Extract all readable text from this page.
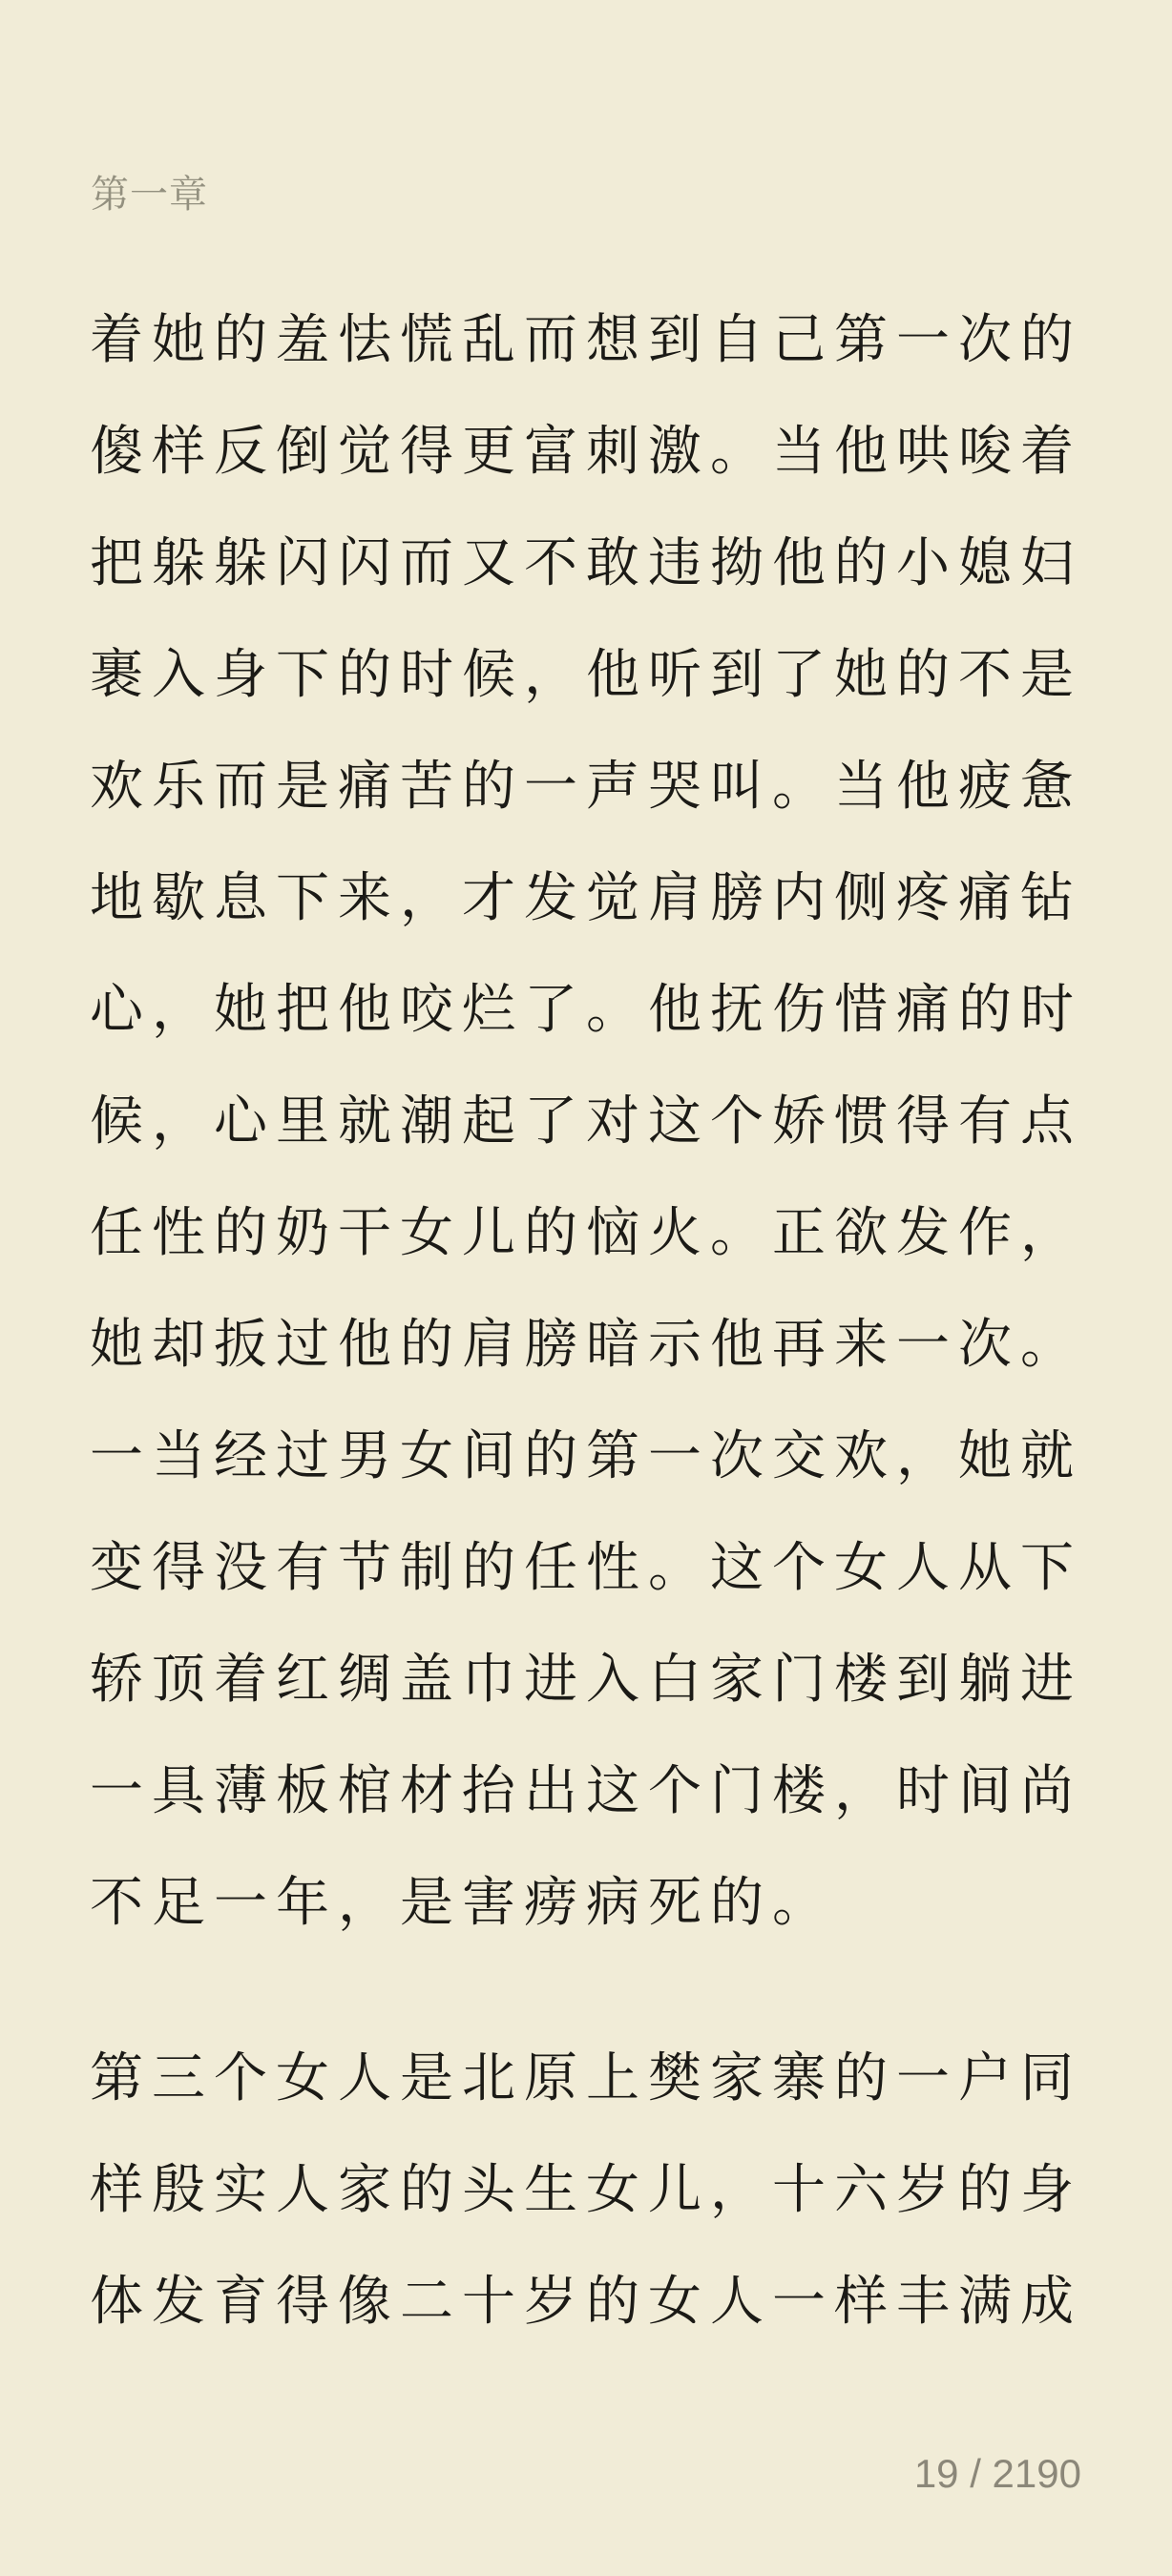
第一章
着她的羞怯慌乱而想到自己第一次的
傻样反倒觉得更富刺激。当他哄唆着
把躲躲闪闪而又不敢违拗他的小媳妇
裹入身下的时候，他听到了她的不是
欢乐而是痛苦的一声哭叫。当他疲惫
地歇息下来，才发觉肩膀内侧疼痛钻
心，她把他咬烂了。他抚伤惜痛的时
候，心里就潮起了对这个娇惯得有点
任性的奶干女儿的恼火。正欲发作，
她却扳过他的肩膀暗示他再来一次。
一当经过男女间的第一次交欢，她就
变得没有节制的任性。这个女人从下
轿顶着红绸盖巾进入白家门楼到躺进
一具薄板棺材抬出这个门楼，时间尚
不足一年，是害痨病死的。
第三个女人是北原上樊家寨的一户同
样殷实人家的头生女儿，十六岁的身
体发育得像二十岁的女人一样丰满成
19 / 2190
